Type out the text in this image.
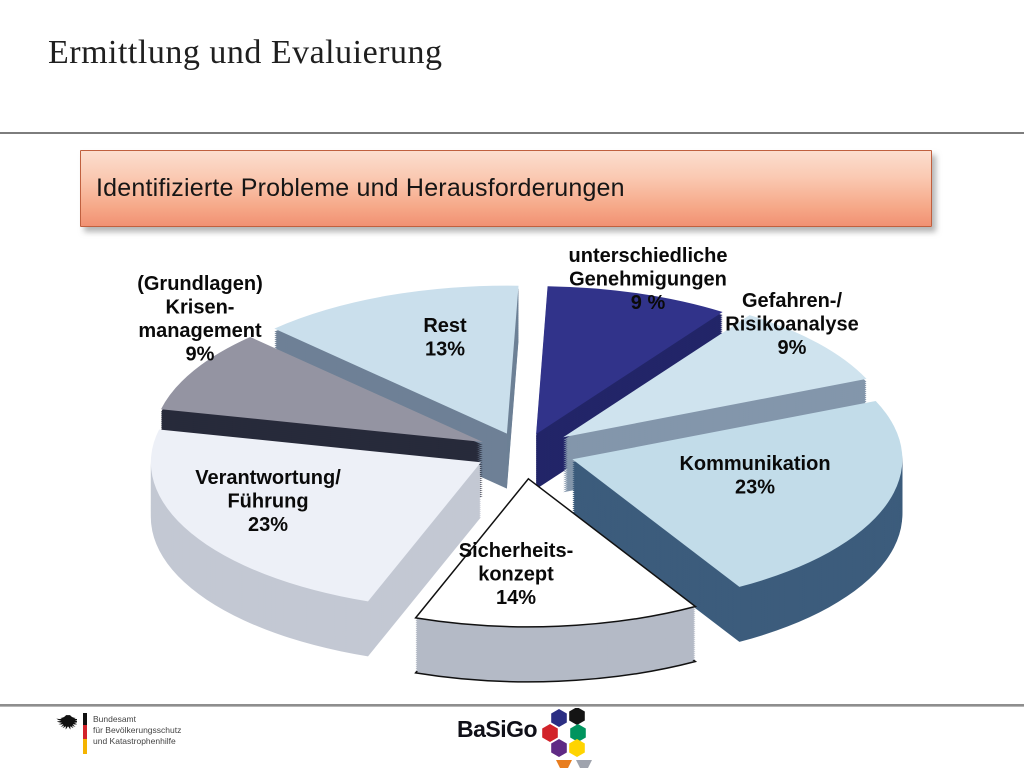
Ermittlung und Evaluierung
Identifizierte Probleme und Herausforderungen
unterschiedliche Genehmigungen 9 %	Gefahren-/ Risikoanalyse 9%
Kommunikation 23%
Sicherheits-konzept 14%
Verantwortung/ Führung 23%
(Grundlagen) Krisen-management 9%
Rest 13%
Bundesamt
für Bevölkerungsschutz
und Katastrophenhilfe	BaSiGo
